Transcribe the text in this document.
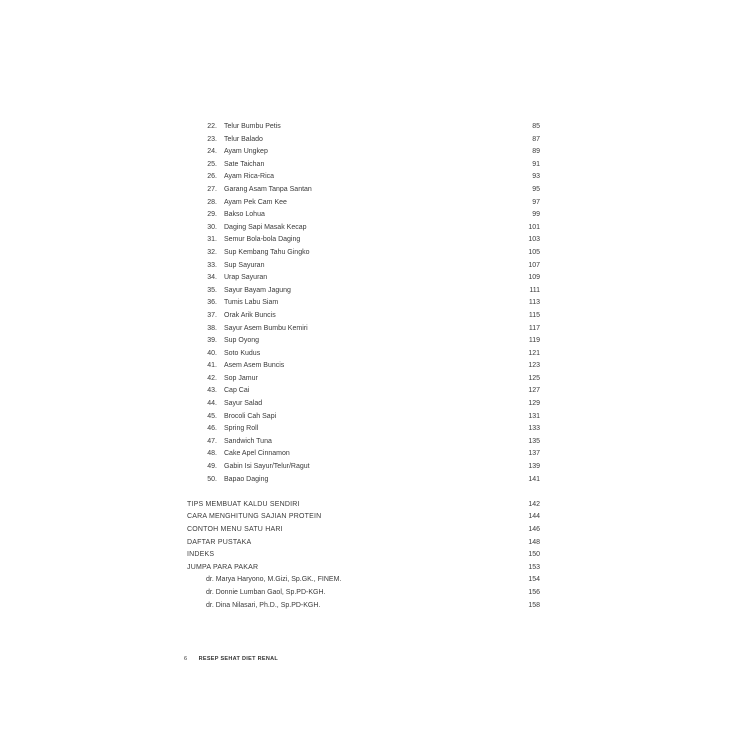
22. Telur Bumbu Petis	85
23. Telur Balado	87
24. Ayam Ungkep	89
25. Sate Taichan	91
26. Ayam Rica-Rica	93
27. Garang Asam Tanpa Santan	95
28. Ayam Pek Cam Kee	97
29. Bakso Lohua	99
30. Daging Sapi Masak Kecap	101
31. Semur Bola-bola Daging	103
32. Sup Kembang Tahu Gingko	105
33. Sup Sayuran	107
34. Urap Sayuran	109
35. Sayur Bayam Jagung	111
36. Tumis Labu Siam	113
37. Orak Arik Buncis	115
38. Sayur Asem Bumbu Kemiri	117
39. Sup Oyong	119
40. Soto Kudus	121
41. Asem Asem Buncis	123
42. Sop Jamur	125
43. Cap Cai	127
44. Sayur Salad	129
45. Brocoli Cah Sapi	131
46. Spring Roll	133
47. Sandwich Tuna	135
48. Cake Apel Cinnamon	137
49. Gabin Isi Sayur/Telur/Ragut	139
50. Bapao Daging	141
TIPS MEMBUAT KALDU SENDIRI	142
CARA MENGHITUNG SAJIAN PROTEIN	144
CONTOH MENU SATU HARI	146
DAFTAR PUSTAKA	148
INDEKS	150
JUMPA PARA PAKAR	153
dr. Marya Haryono, M.Gizi, Sp.GK., FINEM.	154
dr. Donnie Lumban Gaol, Sp.PD-KGH.	156
dr. Dina Nilasari, Ph.D., Sp.PD-KGH.	158
6 RESEP SEHAT DIET RENAL
